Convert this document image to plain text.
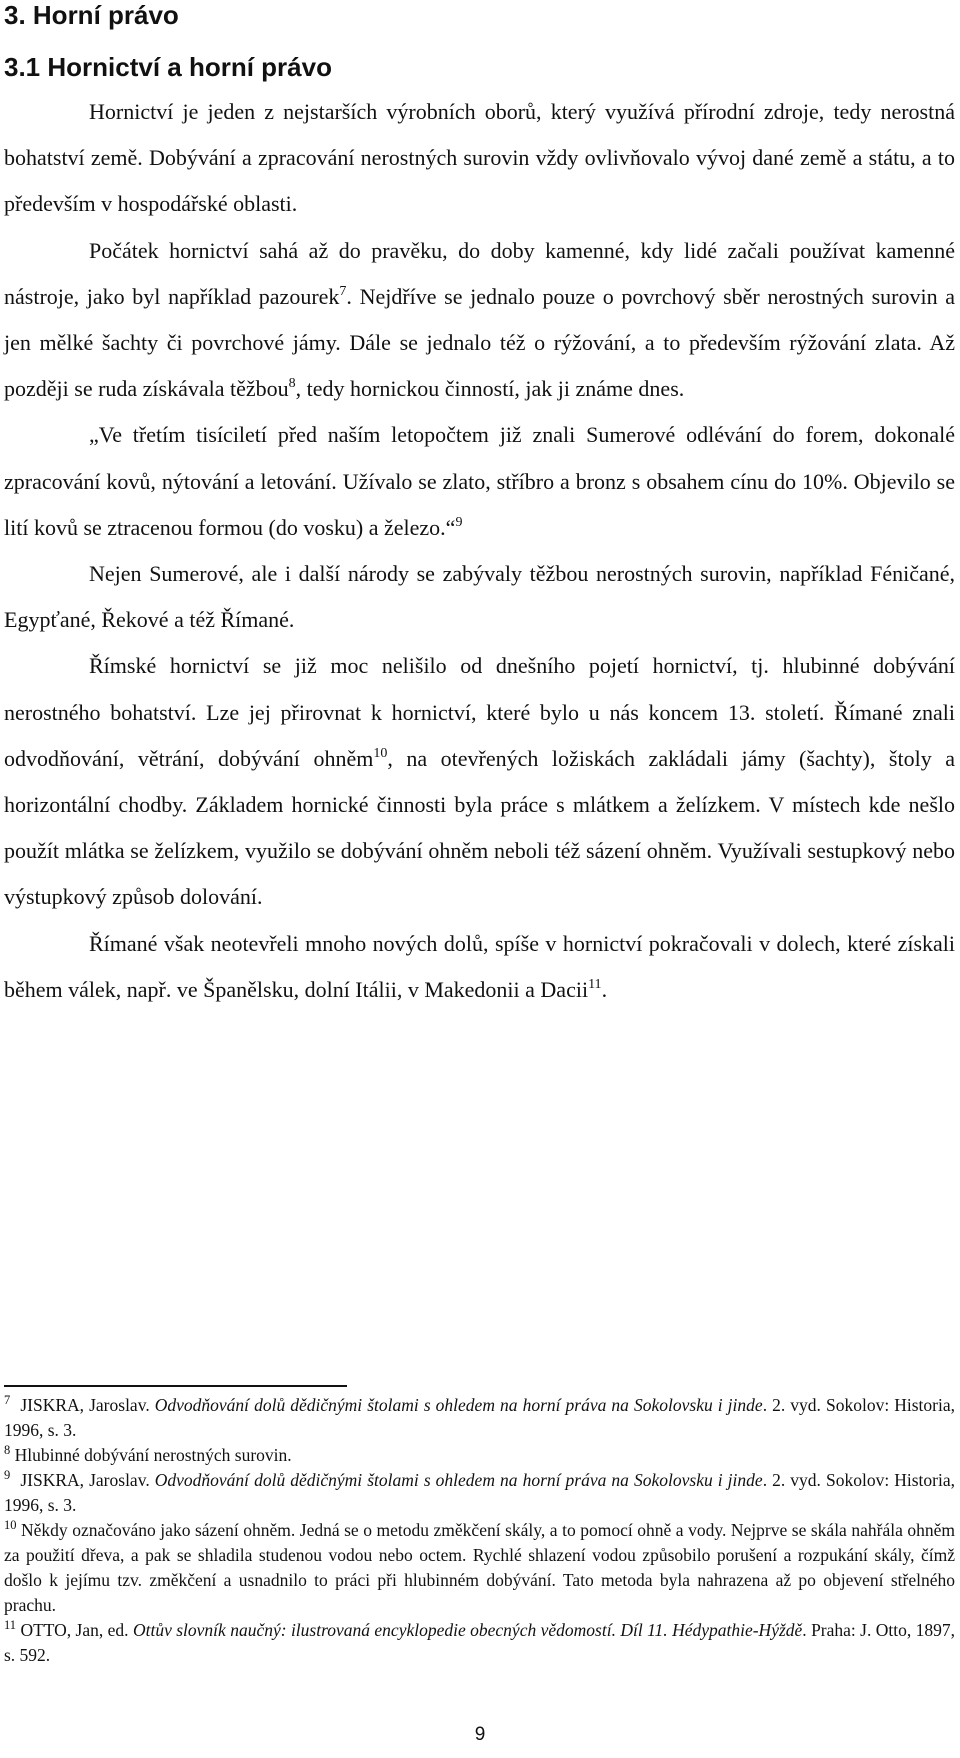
3. Horní právo
3.1 Hornictví a horní právo

Hornictví je jeden z nejstarších výrobních oborů, který využívá přírodní zdroje, tedy nerostná bohatství země. Dobývání a zpracování nerostných surovin vždy ovlivňovalo vývoj dané země a státu, a to především v hospodářské oblasti.

Počátek hornictví sahá až do pravěku, do doby kamenné, kdy lidé začali používat kamenné nástroje, jako byl například pazourek$^7$. Nejdříve se jednalo pouze o povrchový sběr nerostných surovin a jen mělké šachty či povrchové jámy. Dále se jednalo též o rýžování, a to především rýžování zlata. Až později se ruda získávala těžbou$^8$, tedy hornickou činností, jak ji známe dnes.

„Ve třetím tisíciletí před naším letopočtem již znali Sumerové odlévání do forem, dokonalé zpracování kovů, nýtování a letování. Užívalo se zlato, stříbro a bronz s obsahem cínu do 10%. Objevilo se lití kovů se ztracenou formou (do vosku) a železo.“$^9$

Nejen Sumerové, ale i další národy se zabývaly těžbou nerostných surovin, například Féničané, Egypťané, Řekové a též Římané.

Římské hornictví se již moc nelišilo od dnešního pojetí hornictví, tj. hlubinné dobývání nerostného bohatství. Lze jej přirovnat k hornictví, které bylo u nás koncem 13. století. Římané znali odvodňování, větrání, dobývání ohněm$^{10}$, na otevřených ložiskách zakládali jámy (šachty), štoly a horizontální chodby. Základem hornické činnosti byla práce s mlátkem a želízkem. V místech kde nešlo použít mlátka se želízkem, využilo se dobývání ohněm neboli též sázení ohněm. Využívali sestupkový nebo výstupkový způsob dolování.

Římané však neotevřeli mnoho nových dolů, spíše v hornictví pokračovali v dolech, které získali během válek, např. ve Španělsku, dolní Itálii, v Makedonii a Dacii$^{11}$.

$^7$ JISKRA, Jaroslav. Odvodňování dolů dědičnými štolami s ohledem na horní práva na Sokolovsku i jinde. 2. vyd. Sokolov: Historia, 1996, s. 3.

$^8$ Hlubinné dobývání nerostných surovin.

$^9$ JISKRA, Jaroslav. Odvodňování dolů dědičnými štolami s ohledem na horní práva na Sokolovsku i jinde. 2. vyd. Sokolov: Historia, 1996, s. 3.

$^{10}$ Někdy označováno jako sázení ohněm. Jedná se o metodu změkčení skály, a to pomocí ohně a vody. Nejprve se skála nahřála ohněm za použití dřeva, a pak se shladila studenou vodou nebo octem. Rychlé shlazení vodou způsobilo porušení a rozpukání skály, čímž došlo k jejímu tzv. změkčení a usnadnilo to práci při hlubinném dobývání. Tato metoda byla nahrazena až po objevení střelného prachu.

$^{11}$ OTTO, Jan, ed. Ottův slovník naučný: ilustrovaná encyklopedie obecných vědomostí. Díl 11. Hédypathie-Hýždě. Praha: J. Otto, 1897, s. 592.

9
